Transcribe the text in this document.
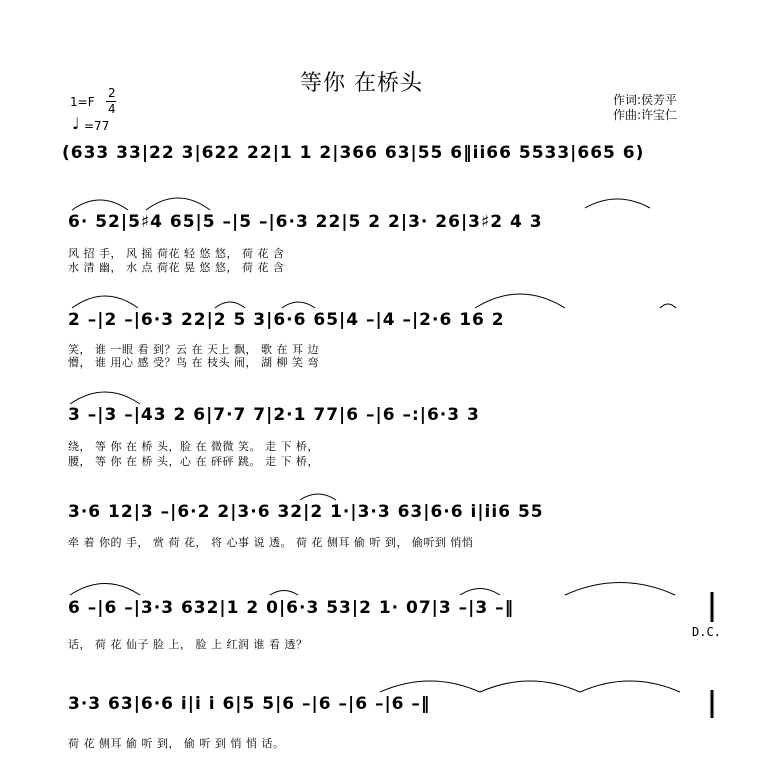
等你 在桥头
1=F
2
4
♩ =77
作词:侯芳平
作曲:许宝仁
(633 33|22 3|622 22|1 1 2|366 63|55 6‖i̇i̇66 5533|665 6)
6· 52|5♯4 65|5 –|5 –|6·3 22|5 2 2|3· 26|3♯2 4 3
风 招 手， 风 摇 荷花 轻 悠 悠， 荷 花 含
水 清 幽， 水 点 荷花 晃 悠 悠， 荷 花 含
2 –|2 –|6·3 22|2 5 3|6·6 65|4 –|4 –|2·6 16 2
笑， 谁 一眼 看 到？云 在 天上 飘， 歌 在 耳 边
懵， 谁 用心 感 受？鸟 在 枝头 闹， 湖 柳 笑 弯
3 –|3 –|43 2 6|7·7 7|2·1 77|6 –|6 –:|6·3 3
绕， 等 你 在 桥 头，脸 在 微微 笑。 走 下 桥，
腰， 等 你 在 桥 头，心 在 砰砰 跳。 走 下 桥，
3·6 12|3 –|6·2 2|3·6 32|2 1·|3·3 63|6·6 i̇|i̇i̇6 55
牵 着 你的 手， 赏 荷 花， 将 心事 说 透。 荷 花 侧耳 偷 听 到， 偷听到 悄悄
6 –|6 –|3·3 632|1 2 0|6·3 53|2 1· 07|3 –|3 –‖
话， 荷 花 仙子 脸 上， 脸 上 红润 谁 看 透？
D.C.
3·3 63|6·6 i̇|i̇ i̇ 6|5 5|6 –|6 –|6 –|6 –‖
荷 花 侧耳 偷 听 到， 偷 听 到 悄 悄 话。
